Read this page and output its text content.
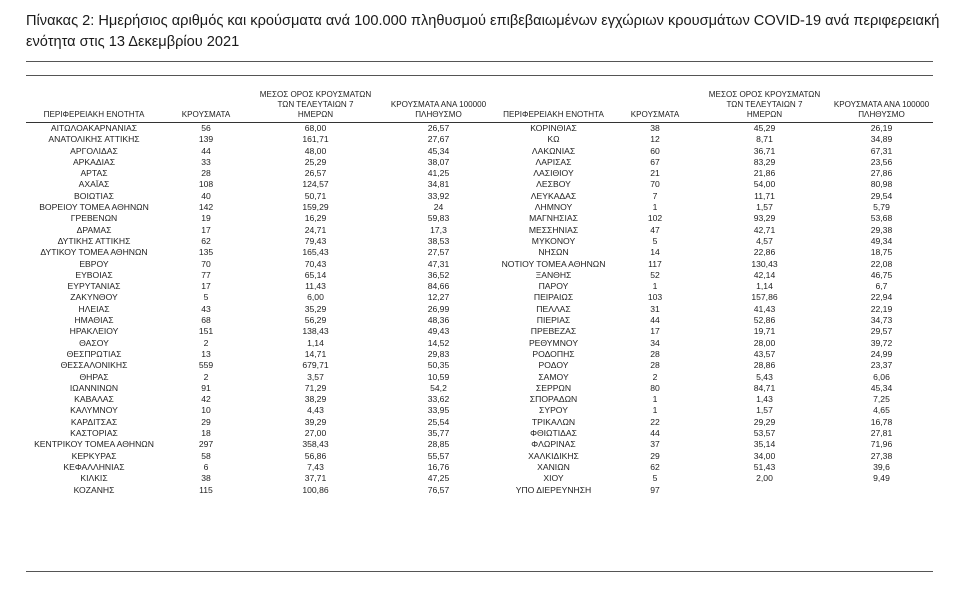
Πίνακας 2: Ημερήσιος αριθμός και κρούσματα ανά 100.000 πληθυσμού επιβεβαιωμένων εγχώριων κρουσμάτων COVID-19 ανά περιφερειακή ενότητα στις 13 Δεκεμβρίου 2021
ΠΕΡΙΦΕΡΕΙΑΚΗ ΕΝΟΤΗΤΑ	ΚΡΟΥΣΜΑΤΑ	ΜΕΣΟΣ ΟΡΟΣ ΚΡΟΥΣΜΑΤΩΝ
ΤΩΝ ΤΕΛΕΥΤΑΙΩΝ 7
ΗΜΕΡΩΝ	ΚΡΟΥΣΜΑΤΑ ΑΝΑ 100000
ΠΛΗΘΥΣΜΟ	ΠΕΡΙΦΕΡΕΙΑΚΗ ΕΝΟΤΗΤΑ	ΚΡΟΥΣΜΑΤΑ	ΜΕΣΟΣ ΟΡΟΣ ΚΡΟΥΣΜΑΤΩΝ
ΤΩΝ ΤΕΛΕΥΤΑΙΩΝ 7
ΗΜΕΡΩΝ	ΚΡΟΥΣΜΑΤΑ ΑΝΑ 100000
ΠΛΗΘΥΣΜΟ

ΑΙΤΩΛΟΑΚΑΡΝΑΝΙΑΣ	56	68,00	26,57	ΚΟΡΙΝΘΙΑΣ	38	45,29	26,19
ΑΝΑΤΟΛΙΚΗΣ ΑΤΤΙΚΗΣ	139	161,71	27,67	ΚΩ	12	8,71	34,89
ΑΡΓΟΛΙΔΑΣ	44	48,00	45,34	ΛΑΚΩΝΙΑΣ	60	36,71	67,31
ΑΡΚΑΔΙΑΣ	33	25,29	38,07	ΛΑΡΙΣΑΣ	67	83,29	23,56
ΑΡΤΑΣ	28	26,57	41,25	ΛΑΣΙΘΙΟΥ	21	21,86	27,86
ΑΧΑΪΑΣ	108	124,57	34,81	ΛΕΣΒΟΥ	70	54,00	80,98
ΒΟΙΩΤΙΑΣ	40	50,71	33,92	ΛΕΥΚΑΔΑΣ	7	11,71	29,54
ΒΟΡΕΙΟΥ ΤΟΜΕΑ ΑΘΗΝΩΝ	142	159,29	24	ΛΗΜΝΟΥ	1	1,57	5,79
ΓΡΕΒΕΝΩΝ	19	16,29	59,83	ΜΑΓΝΗΣΙΑΣ	102	93,29	53,68
ΔΡΑΜΑΣ	17	24,71	17,3	ΜΕΣΣΗΝΙΑΣ	47	42,71	29,38
ΔΥΤΙΚΗΣ ΑΤΤΙΚΗΣ	62	79,43	38,53	ΜΥΚΟΝΟΥ	5	4,57	49,34
ΔΥΤΙΚΟΥ ΤΟΜΕΑ ΑΘΗΝΩΝ	135	165,43	27,57	ΝΗΣΩΝ	14	22,86	18,75
ΕΒΡΟΥ	70	70,43	47,31	ΝΟΤΙΟΥ ΤΟΜΕΑ ΑΘΗΝΩΝ	117	130,43	22,08
ΕΥΒΟΙΑΣ	77	65,14	36,52	ΞΑΝΘΗΣ	52	42,14	46,75
ΕΥΡΥΤΑΝΙΑΣ	17	11,43	84,66	ΠΑΡΟΥ	1	1,14	6,7
ΖΑΚΥΝΘΟΥ	5	6,00	12,27	ΠΕΙΡΑΙΩΣ	103	157,86	22,94
ΗΛΕΙΑΣ	43	35,29	26,99	ΠΕΛΛΑΣ	31	41,43	22,19
ΗΜΑΘΙΑΣ	68	56,29	48,36	ΠΙΕΡΙΑΣ	44	52,86	34,73
ΗΡΑΚΛΕΙΟΥ	151	138,43	49,43	ΠΡΕΒΕΖΑΣ	17	19,71	29,57
ΘΑΣΟΥ	2	1,14	14,52	ΡΕΘΥΜΝΟΥ	34	28,00	39,72
ΘΕΣΠΡΩΤΙΑΣ	13	14,71	29,83	ΡΟΔΟΠΗΣ	28	43,57	24,99
ΘΕΣΣΑΛΟΝΙΚΗΣ	559	679,71	50,35	ΡΟΔΟΥ	28	28,86	23,37
ΘΗΡΑΣ	2	3,57	10,59	ΣΑΜΟΥ	2	5,43	6,06
ΙΩΑΝΝΙΝΩΝ	91	71,29	54,2	ΣΕΡΡΩΝ	80	84,71	45,34
ΚΑΒΑΛΑΣ	42	38,29	33,62	ΣΠΟΡΑΔΩΝ	1	1,43	7,25
ΚΑΛΥΜΝΟΥ	10	4,43	33,95	ΣΥΡΟΥ	1	1,57	4,65
ΚΑΡΔΙΤΣΑΣ	29	39,29	25,54	ΤΡΙΚΑΛΩΝ	22	29,29	16,78
ΚΑΣΤΟΡΙΑΣ	18	27,00	35,77	ΦΘΙΩΤΙΔΑΣ	44	53,57	27,81
ΚΕΝΤΡΙΚΟΥ ΤΟΜΕΑ ΑΘΗΝΩΝ	297	358,43	28,85	ΦΛΩΡΙΝΑΣ	37	35,14	71,96
ΚΕΡΚΥΡΑΣ	58	56,86	55,57	ΧΑΛΚΙΔΙΚΗΣ	29	34,00	27,38
ΚΕΦΑΛΛΗΝΙΑΣ	6	7,43	16,76	ΧΑΝΙΩΝ	62	51,43	39,6
ΚΙΛΚΙΣ	38	37,71	47,25	ΧΙΟΥ	5	2,00	9,49
ΚΟΖΑΝΗΣ	115	100,86	76,57	ΥΠΟ ΔΙΕΡΕΥΝΗΣΗ	97		
